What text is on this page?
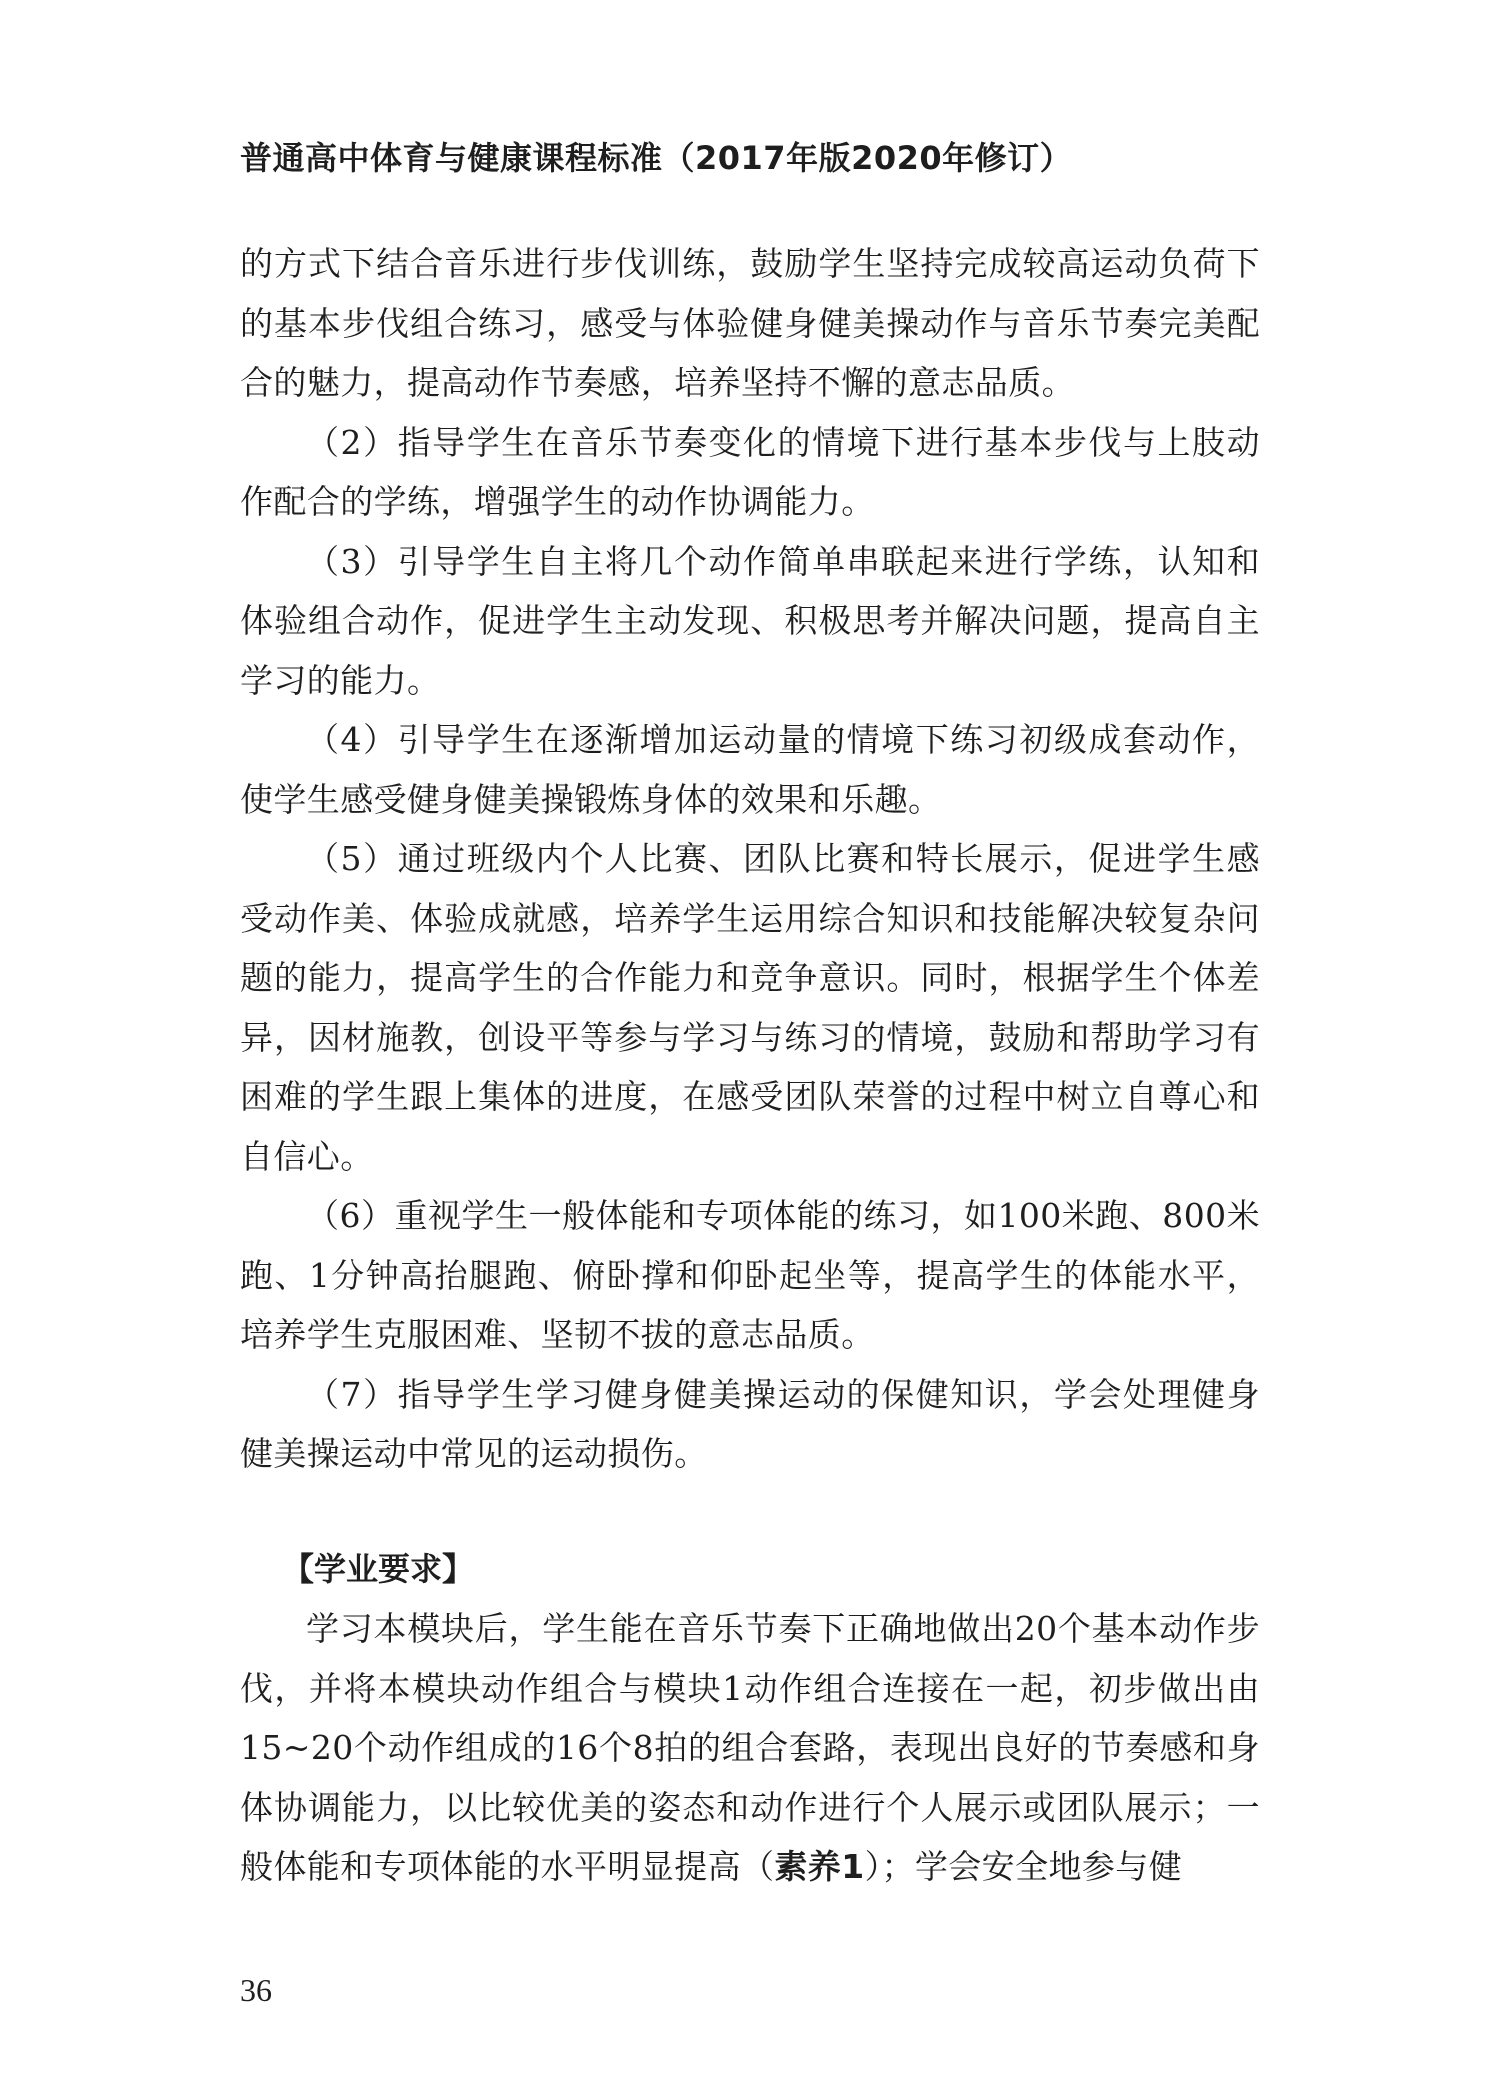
普通高中体育与健康课程标准（2017年版2020年修订）

的方式下结合音乐进行步伐训练，鼓励学生坚持完成较高运动负荷下的基本步伐组合练习，感受与体验健身健美操动作与音乐节奏完美配合的魅力，提高动作节奏感，培养坚持不懈的意志品质。

（2）指导学生在音乐节奏变化的情境下进行基本步伐与上肢动作配合的学练，增强学生的动作协调能力。

（3）引导学生自主将几个动作简单串联起来进行学练，认知和体验组合动作，促进学生主动发现、积极思考并解决问题，提高自主学习的能力。

（4）引导学生在逐渐增加运动量的情境下练习初级成套动作，使学生感受健身健美操锻炼身体的效果和乐趣。

（5）通过班级内个人比赛、团队比赛和特长展示，促进学生感受动作美、体验成就感，培养学生运用综合知识和技能解决较复杂问题的能力，提高学生的合作能力和竞争意识。同时，根据学生个体差异，因材施教，创设平等参与学习与练习的情境，鼓励和帮助学习有困难的学生跟上集体的进度，在感受团队荣誉的过程中树立自尊心和自信心。

（6）重视学生一般体能和专项体能的练习，如100米跑、800米跑、1分钟高抬腿跑、俯卧撑和仰卧起坐等，提高学生的体能水平，培养学生克服困难、坚韧不拔的意志品质。

（7）指导学生学习健身健美操运动的保健知识，学会处理健身健美操运动中常见的运动损伤。

【学业要求】

学习本模块后，学生能在音乐节奏下正确地做出20个基本动作步伐，并将本模块动作组合与模块1动作组合连接在一起，初步做出由15~20个动作组成的16个8拍的组合套路，表现出良好的节奏感和身体协调能力，以比较优美的姿态和动作进行个人展示或团队展示；一般体能和专项体能的水平明显提高（素养1）；学会安全地参与健

36
